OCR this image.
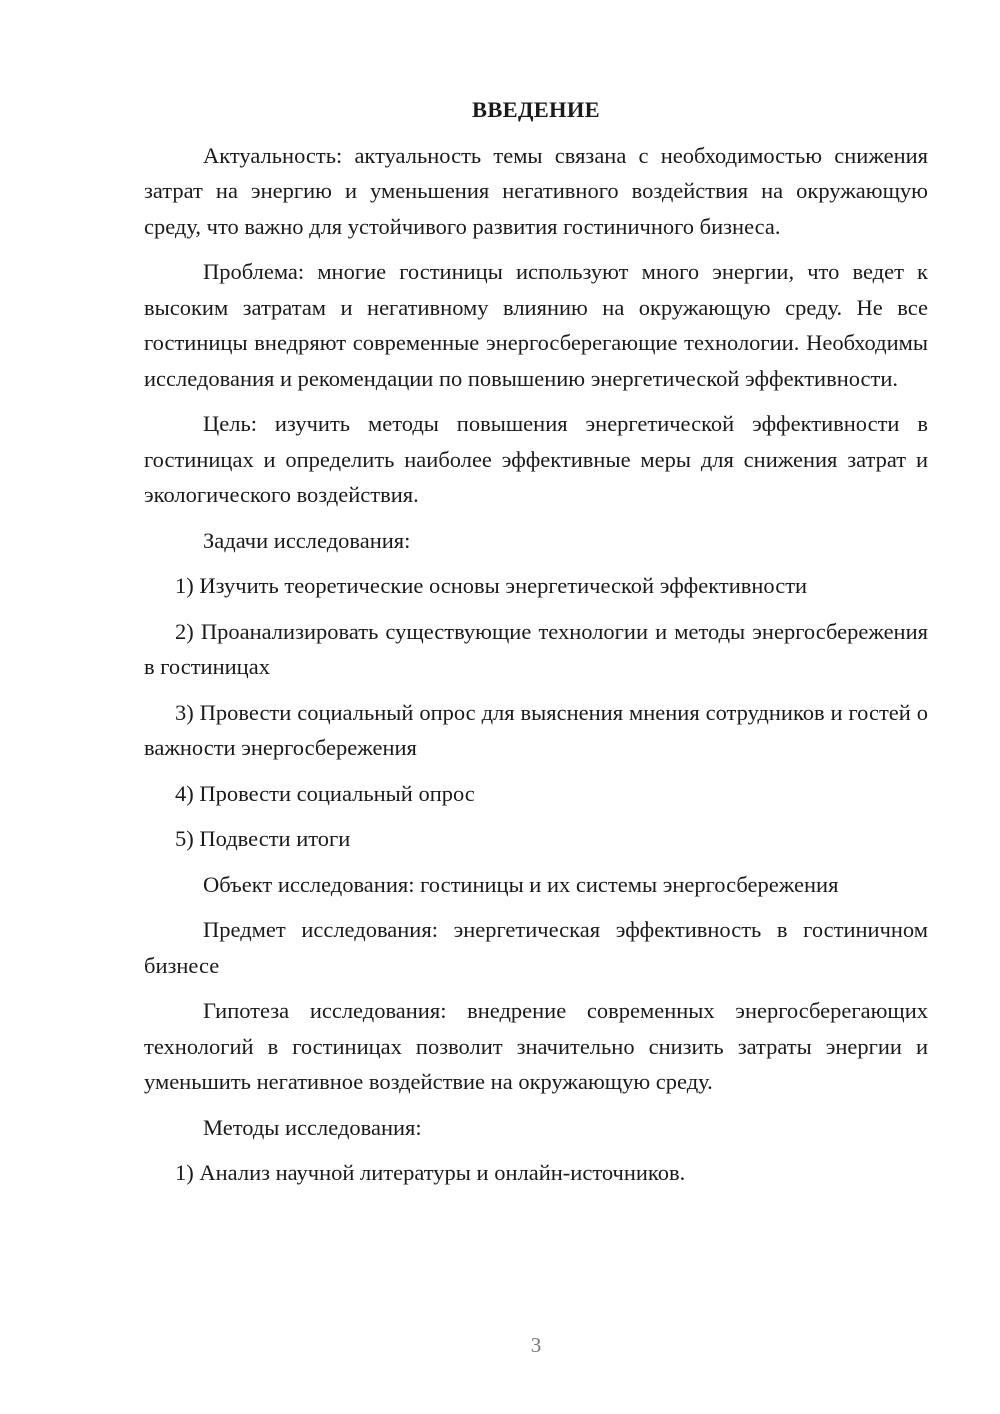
ВВЕДЕНИЕ

Актуальность: актуальность темы связана с необходимостью снижения затрат на энергию и уменьшения негативного воздействия на окружающую среду, что важно для устойчивого развития гостиничного бизнеса.

Проблема: многие гостиницы используют много энергии, что ведет к высоким затратам и негативному влиянию на окружающую среду. Не все гостиницы внедряют современные энергосберегающие технологии. Необходимы исследования и рекомендации по повышению энергетической эффективности.

Цель: изучить методы повышения энергетической эффективности в гостиницах и определить наиболее эффективные меры для снижения затрат и экологического воздействия.

Задачи исследования:

1) Изучить теоретические основы энергетической эффективности

2) Проанализировать существующие технологии и методы энергосбережения в гостиницах

3) Провести социальный опрос для выяснения мнения сотрудников и гостей о важности энергосбережения

4) Провести социальный опрос

5) Подвести итоги

Объект исследования: гостиницы и их системы энергосбережения

Предмет исследования: энергетическая эффективность в гостиничном бизнесе

Гипотеза исследования: внедрение современных энергосберегающих технологий в гостиницах позволит значительно снизить затраты энергии и уменьшить негативное воздействие на окружающую среду.

Методы исследования:

1) Анализ научной литературы и онлайн-источников.

3
